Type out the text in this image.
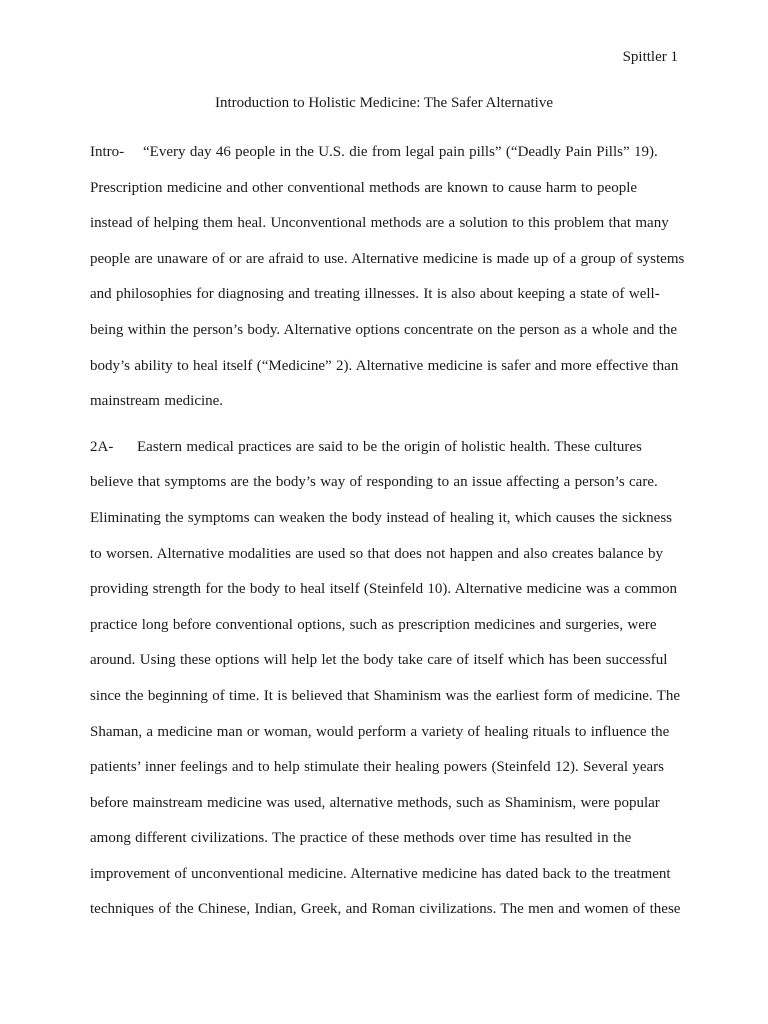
Spittler 1
Introduction to Holistic Medicine: The Safer Alternative
Intro- “Every day 46 people in the U.S. die from legal pain pills” (“Deadly Pain Pills” 19).
Prescription medicine and other conventional methods are known to cause harm to people
instead of helping them heal. Unconventional methods are a solution to this problem that many
people are unaware of or are afraid to use. Alternative medicine is made up of a group of systems
and philosophies for diagnosing and treating illnesses. It is also about keeping a state of well-
being within the person’s body. Alternative options concentrate on the person as a whole and the
body’s ability to heal itself (“Medicine” 2). Alternative medicine is safer and more effective than
mainstream medicine.
2A- Eastern medical practices are said to be the origin of holistic health. These cultures
believe that symptoms are the body’s way of responding to an issue affecting a person’s care.
Eliminating the symptoms can weaken the body instead of healing it, which causes the sickness
to worsen. Alternative modalities are used so that does not happen and also creates balance by
providing strength for the body to heal itself (Steinfeld 10). Alternative medicine was a common
practice long before conventional options, such as prescription medicines and surgeries, were
around. Using these options will help let the body take care of itself which has been successful
since the beginning of time. It is believed that Shaminism was the earliest form of medicine. The
Shaman, a medicine man or woman, would perform a variety of healing rituals to influence the
patients’ inner feelings and to help stimulate their healing powers (Steinfeld 12). Several years
before mainstream medicine was used, alternative methods, such as Shaminism, were popular
among different civilizations. The practice of these methods over time has resulted in the
improvement of unconventional medicine. Alternative medicine has dated back to the treatment
techniques of the Chinese, Indian, Greek, and Roman civilizations. The men and women of these
